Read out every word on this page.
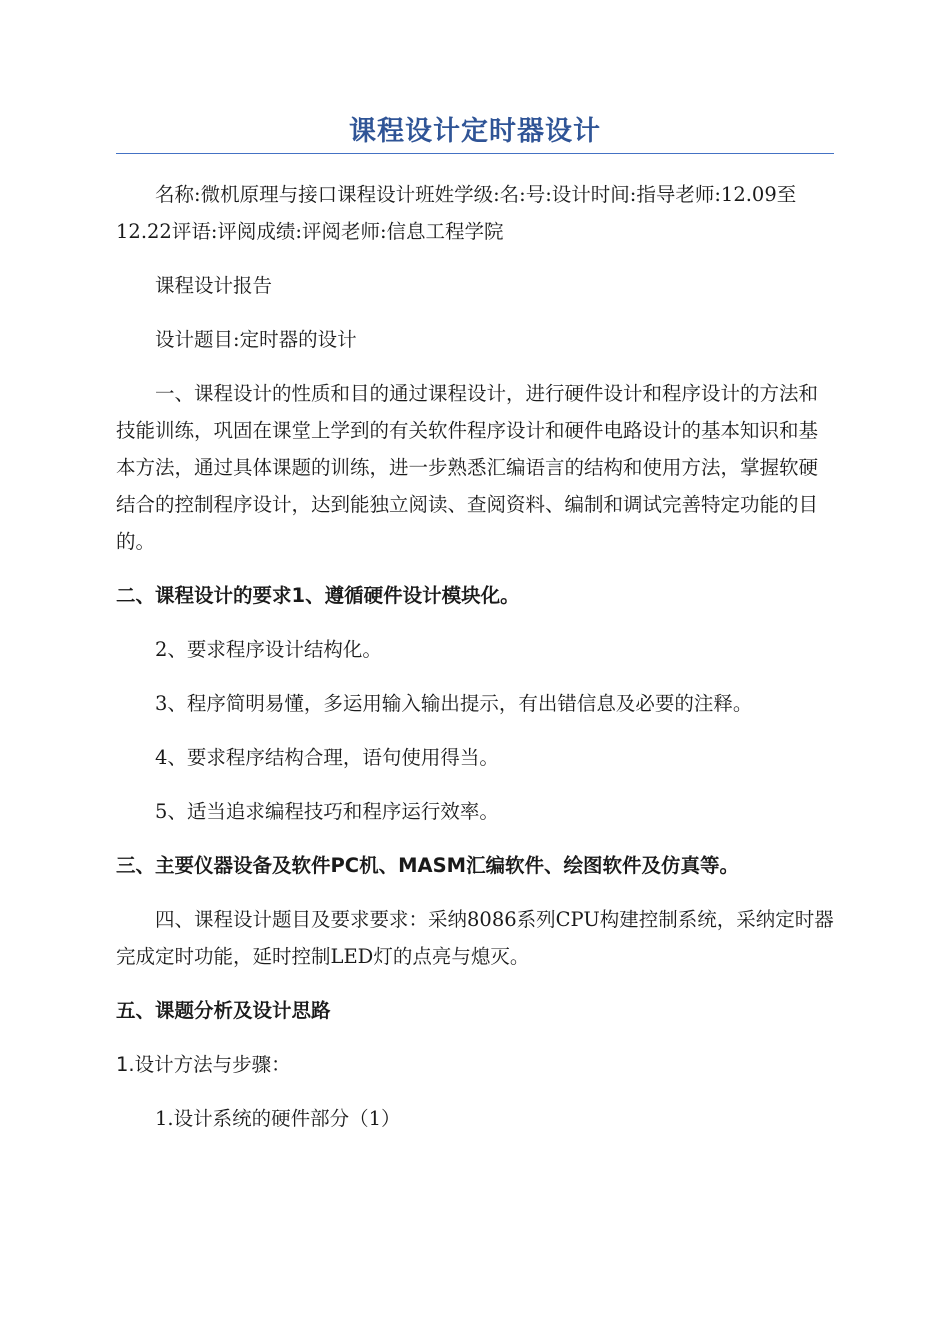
课程设计定时器设计

名称:微机原理与接口课程设计班姓学级:名:号:设计时间:指导老师:12.09至12.22评语:评阅成绩:评阅老师:信息工程学院

课程设计报告

设计题目:定时器的设计

一、课程设计的性质和目的通过课程设计，进行硬件设计和程序设计的方法和技能训练，巩固在课堂上学到的有关软件程序设计和硬件电路设计的基本知识和基本方法，通过具体课题的训练，进一步熟悉汇编语言的结构和使用方法，掌握软硬结合的控制程序设计，达到能独立阅读、查阅资料、编制和调试完善特定功能的目的。

二、课程设计的要求1、遵循硬件设计模块化。

2、要求程序设计结构化。

3、程序简明易懂，多运用输入输出提示，有出错信息及必要的注释。

4、要求程序结构合理，语句使用得当。

5、适当追求编程技巧和程序运行效率。

三、主要仪器设备及软件PC机、MASM汇编软件、绘图软件及仿真等。

四、课程设计题目及要求要求：采纳8086系列CPU构建控制系统，采纳定时器完成定时功能，延时控制LED灯的点亮与熄灭。

五、课题分析及设计思路

1.设计方法与步骤：

1.设计系统的硬件部分（1）
